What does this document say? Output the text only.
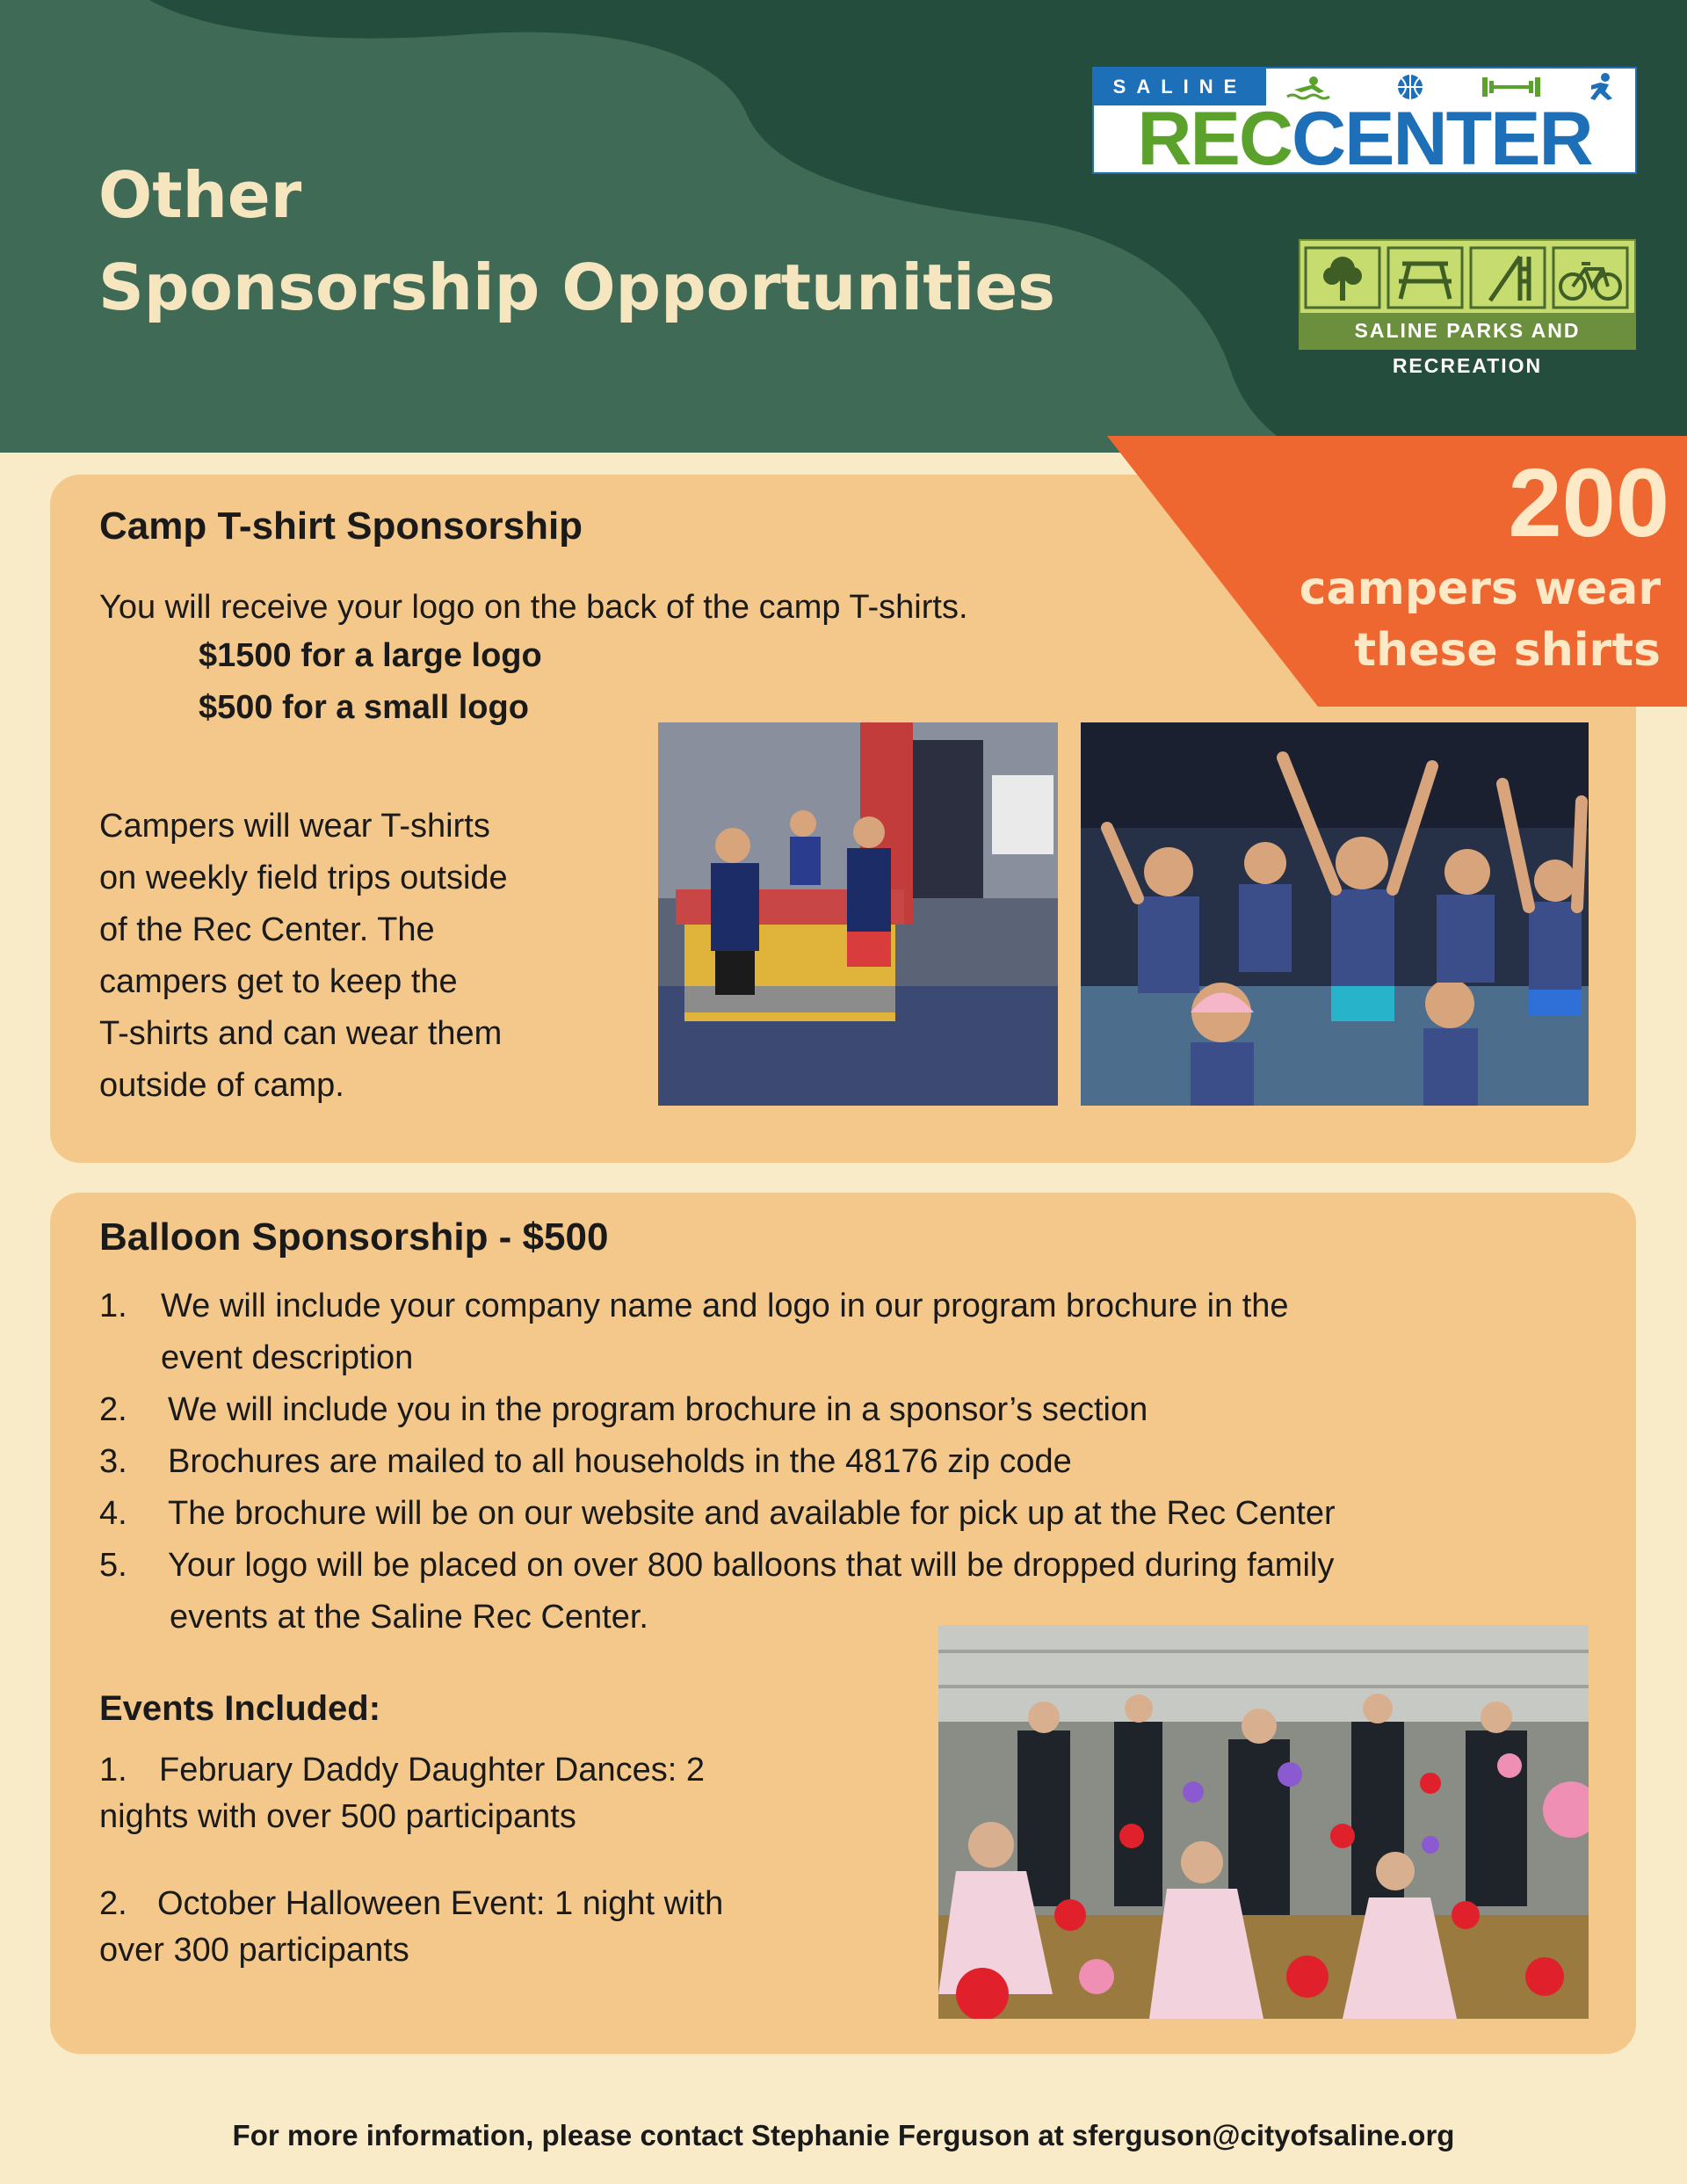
Other
Sponsorship Opportunities
SALINE
RECCENTER
SALINE PARKS AND RECREATION
Camp T-shirt Sponsorship

You will receive your logo on the back of the camp T-shirts.

$1500 for a large logo

$500 for a small logo

Campers will wear T-shirts

on weekly field trips outside

of the Rec Center. The

campers get to keep the

T-shirts and can wear them

outside of camp.

200
campers wear
these shirts
Balloon Sponsorship - $500
1. We will include your company name and logo in our program brochure in the
event description
2. We will include you in the program brochure in a sponsor’s section
3. Brochures are mailed to all households in the 48176 zip code
4. The brochure will be on our website and available for pick up at the Rec Center
5. Your logo will be placed on over 800 balloons that will be dropped during family
events at the Saline Rec Center.
Events Included:
1. February Daddy Daughter Dances: 2
nights with over 500 participants
2. October Halloween Event: 1 night with
over 300 participants

For more information, please contact Stephanie Ferguson at sferguson@cityofsaline.org
